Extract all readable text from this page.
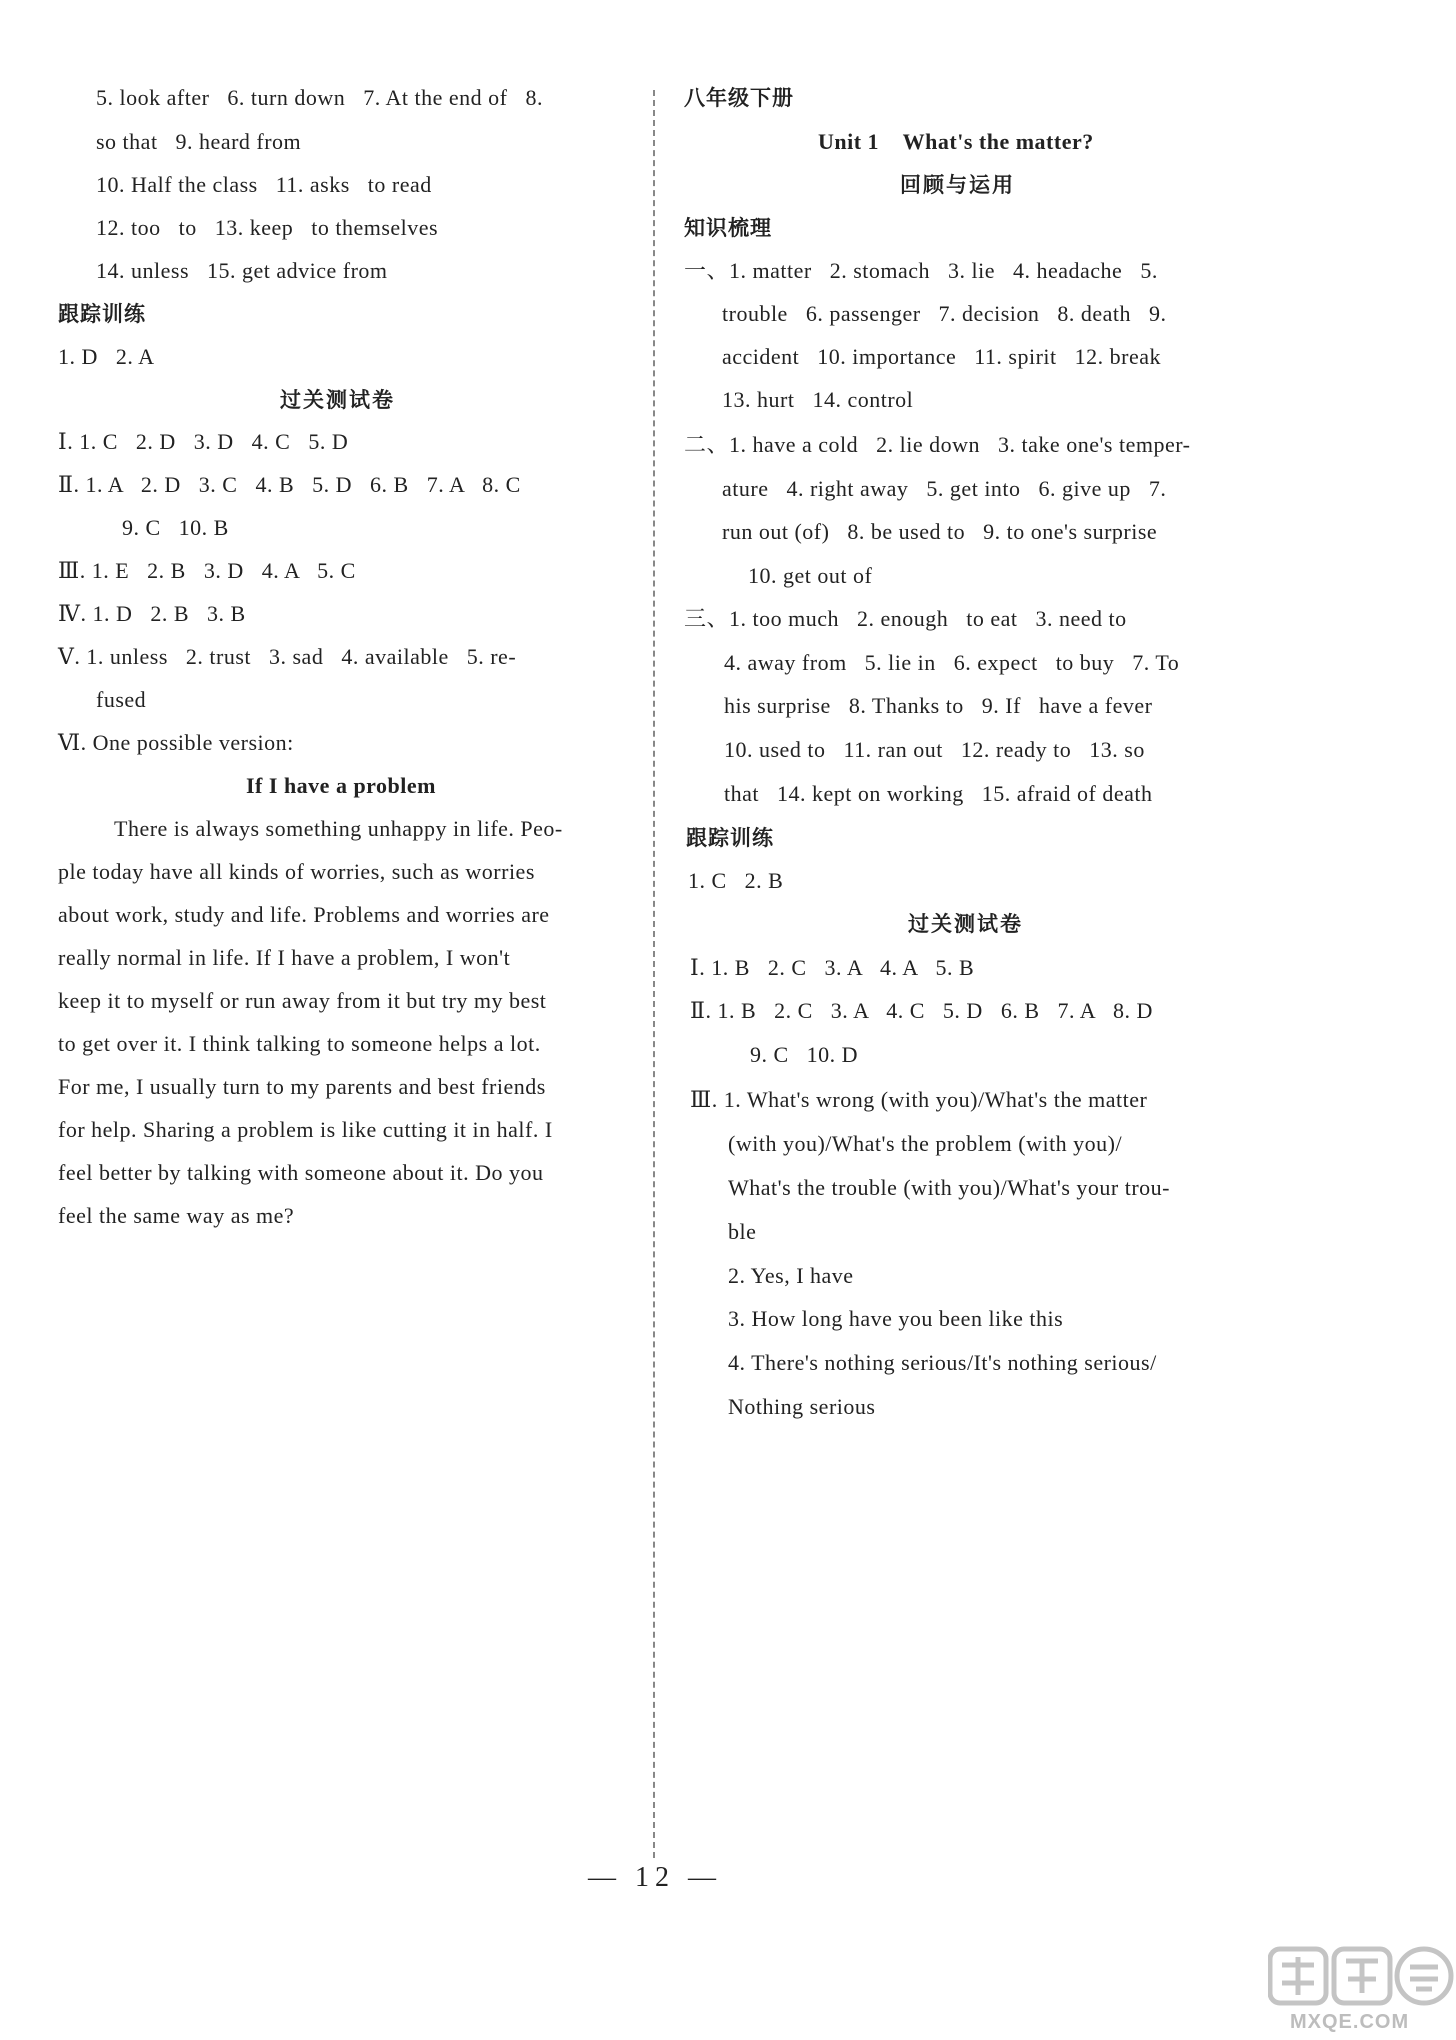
5. look after   6. turn down   7. At the end of   8.
so that   9. heard from
10. Half the class   11. asks   to read
12. too   to   13. keep   to themselves
14. unless   15. get advice from
跟踪训练
1. D   2. A
过关测试卷
Ⅰ. 1. C   2. D   3. D   4. C   5. D
Ⅱ. 1. A   2. D   3. C   4. B   5. D   6. B   7. A   8. C
9. C   10. B
Ⅲ. 1. E   2. B   3. D   4. A   5. C
Ⅳ. 1. D   2. B   3. B
Ⅴ. 1. unless   2. trust   3. sad   4. available   5. re-
fused
Ⅵ. One possible version:
If I have a problem
There is always something unhappy in life. Peo-
ple today have all kinds of worries, such as worries
about work, study and life. Problems and worries are
really normal in life. If I have a problem, I won't
keep it to myself or run away from it but try my best
to get over it. I think talking to someone helps a lot.
For me, I usually turn to my parents and best friends
for help. Sharing a problem is like cutting it in half. I
feel better by talking with someone about it. Do you
feel the same way as me?
八年级下册
Unit 1    What's the matter?
回顾与运用
知识梳理
一、1. matter   2. stomach   3. lie   4. headache   5.
trouble   6. passenger   7. decision   8. death   9.
accident   10. importance   11. spirit   12. break
13. hurt   14. control
二、1. have a cold   2. lie down   3. take one's temper-
ature   4. right away   5. get into   6. give up   7.
run out (of)   8. be used to   9. to one's surprise
10. get out of
三、1. too much   2. enough   to eat   3. need to
4. away from   5. lie in   6. expect   to buy   7. To
his surprise   8. Thanks to   9. If   have a fever
10. used to   11. ran out   12. ready to   13. so
that   14. kept on working   15. afraid of death
跟踪训练
1. C   2. B
过关测试卷
Ⅰ. 1. B   2. C   3. A   4. A   5. B
Ⅱ. 1. B   2. C   3. A   4. C   5. D   6. B   7. A   8. D
9. C   10. D
Ⅲ. 1. What's wrong (with you)/What's the matter
(with you)/What's the problem (with you)/
What's the trouble (with you)/What's your trou-
ble
2. Yes, I have
3. How long have you been like this
4. There's nothing serious/It's nothing serious/
Nothing serious
— 12 —
MXQE.COM
